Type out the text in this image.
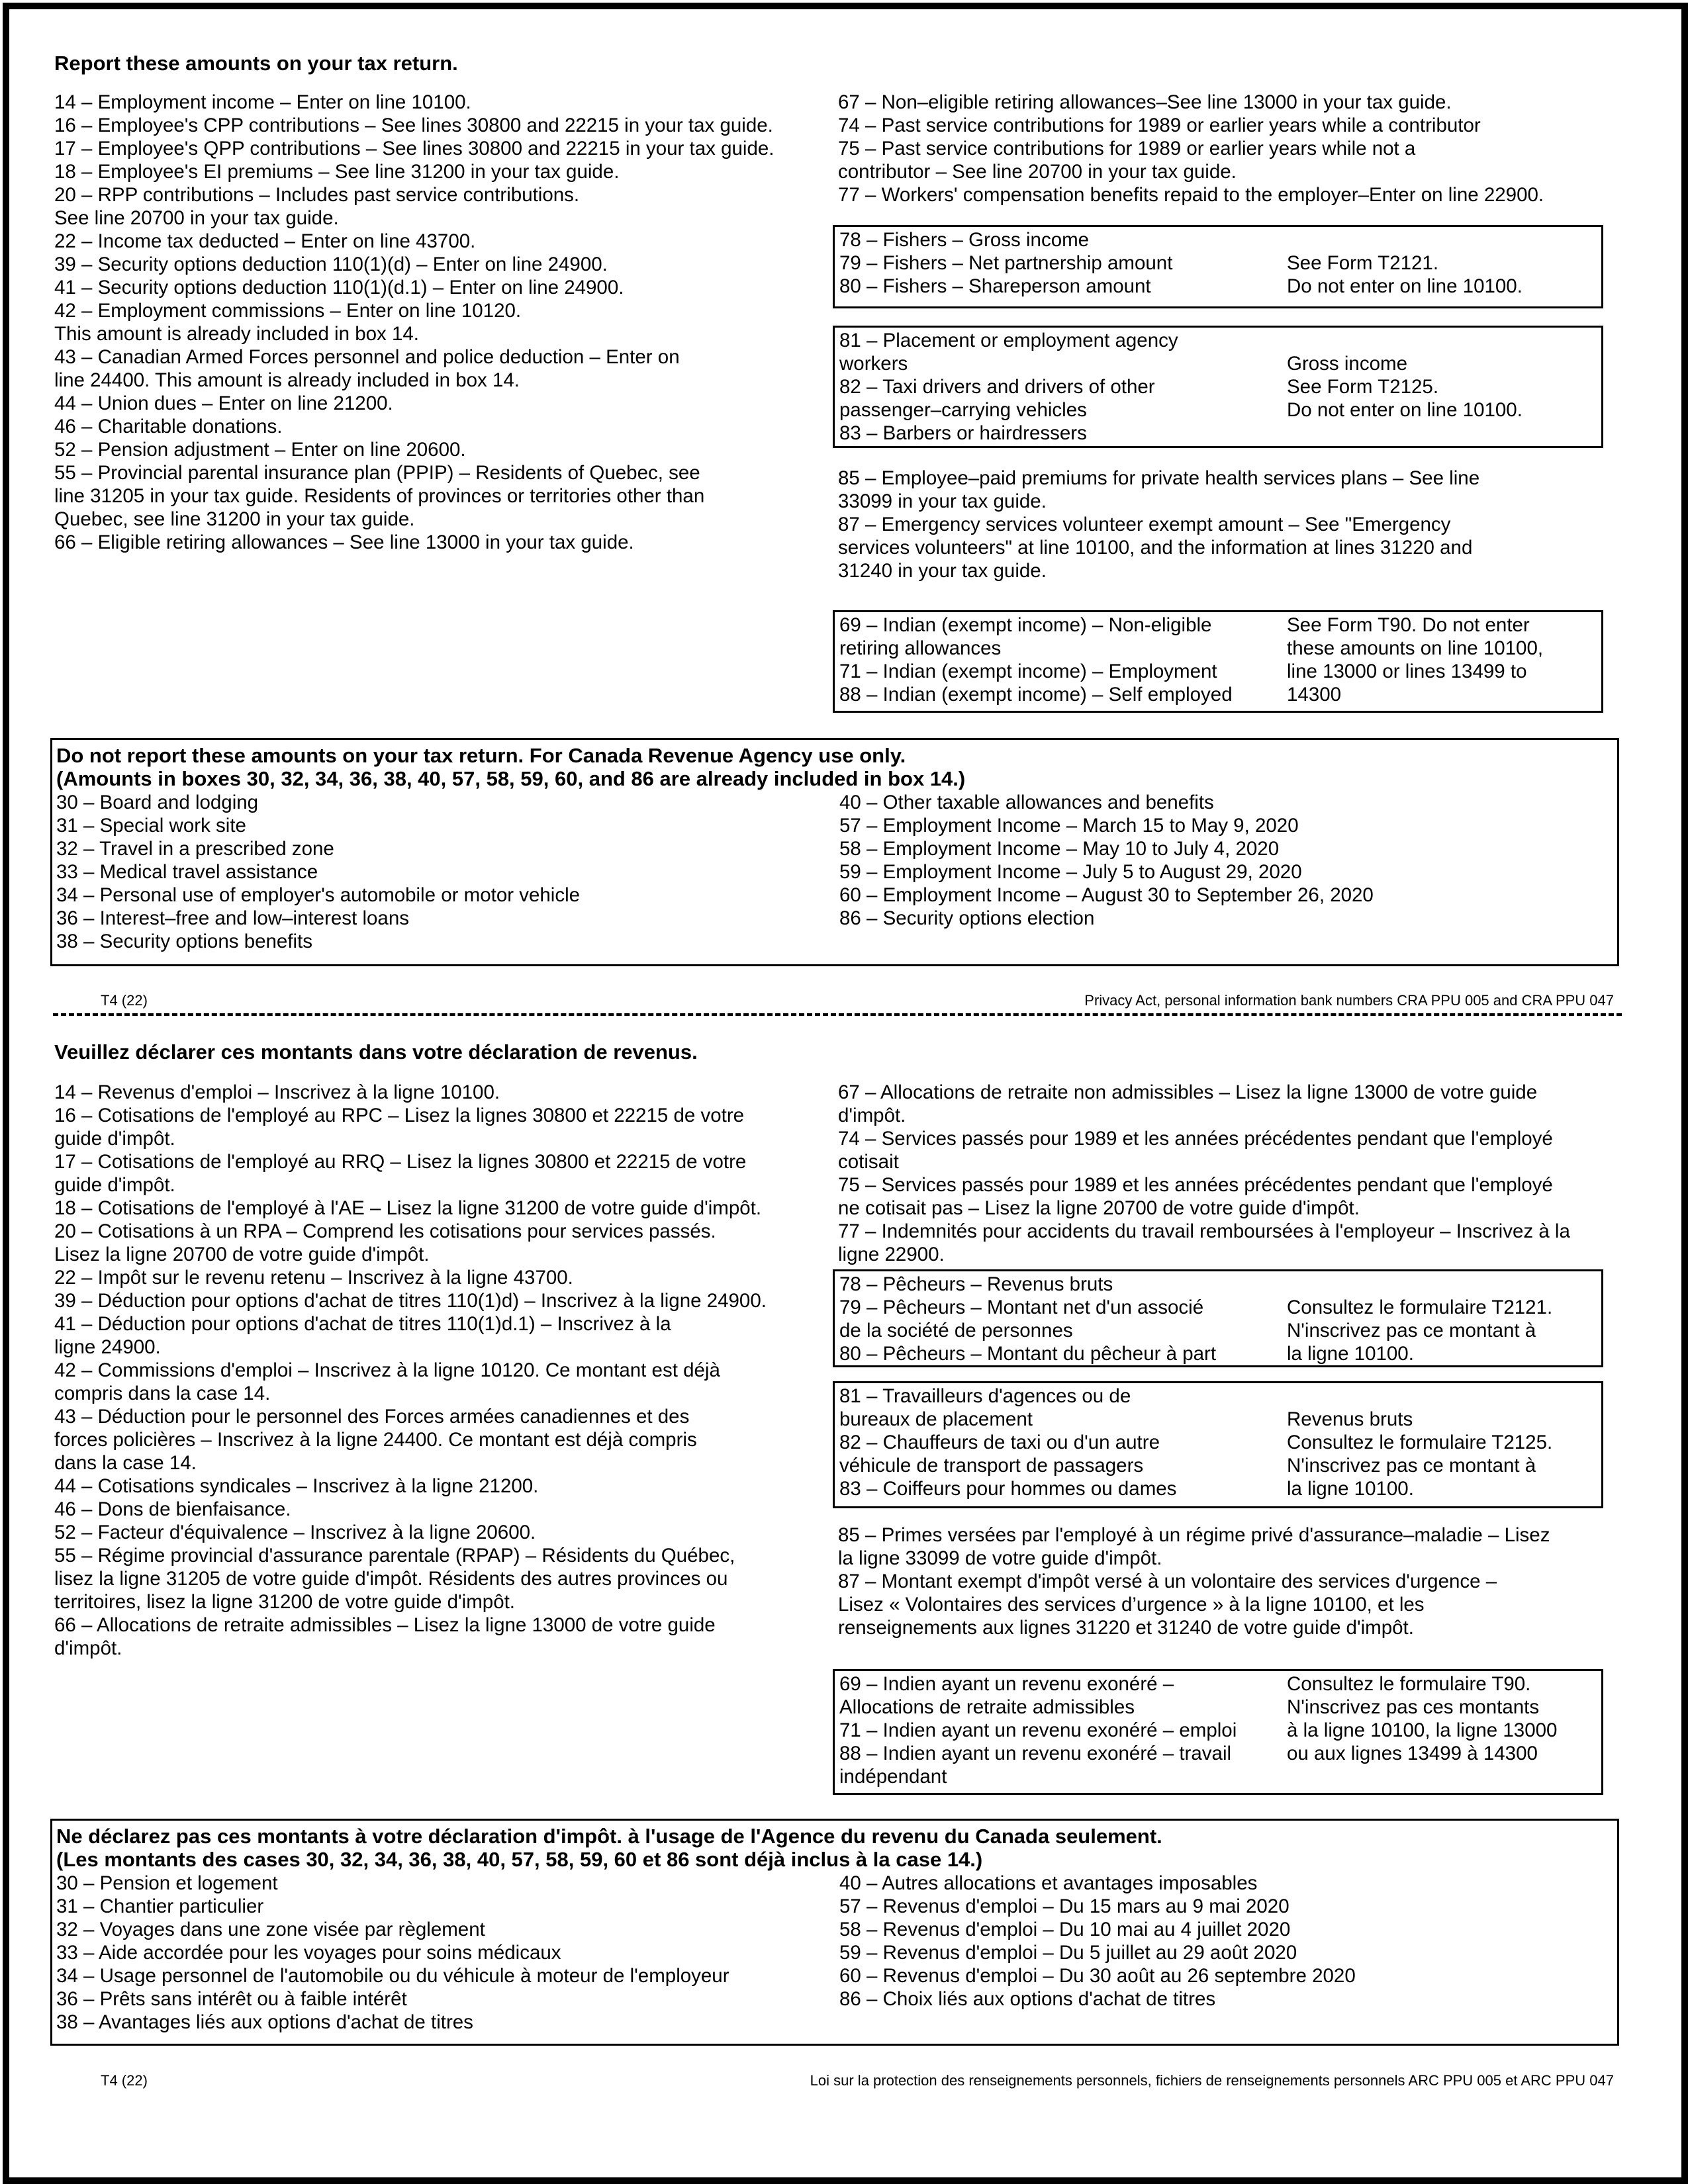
Report these amounts on your tax return.
14 – Employment income – Enter on line 10100.
16 – Employee's CPP contributions – See lines 30800 and 22215 in your tax guide.
17 – Employee's QPP contributions – See lines 30800 and 22215 in your tax guide.
18 – Employee's EI premiums – See line 31200 in your tax guide.
20 – RPP contributions – Includes past service contributions.
See line 20700 in your tax guide.
22 – Income tax deducted – Enter on line 43700.
39 – Security options deduction 110(1)(d) – Enter on line 24900.
41 – Security options deduction 110(1)(d.1) – Enter on line 24900.
42 – Employment commissions – Enter on line 10120.
This amount is already included in box 14.
43 – Canadian Armed Forces personnel and police deduction – Enter on
line 24400. This amount is already included in box 14.
44 – Union dues – Enter on line 21200.
46 – Charitable donations.
52 – Pension adjustment – Enter on line 20600.
55 – Provincial parental insurance plan (PPIP) – Residents of Quebec, see
line 31205 in your tax guide. Residents of provinces or territories other than
Quebec, see line 31200 in your tax guide.
66 – Eligible retiring allowances – See line 13000 in your tax guide.
67 – Non–eligible retiring allowances–See line 13000 in your tax guide.
74 – Past service contributions for 1989 or earlier years while a contributor
75 – Past service contributions for 1989 or earlier years while not a
contributor – See line 20700 in your tax guide.
77 – Workers' compensation benefits repaid to the employer–Enter on line 22900.
78 – Fishers – Gross income
79 – Fishers – Net partnership amount
80 – Fishers – Shareperson amount
See Form T2121.
Do not enter on line 10100.
81 – Placement or employment agency
workers
82 – Taxi drivers and drivers of other
passenger–carrying vehicles
83 – Barbers or hairdressers
Gross income
See Form T2125.
Do not enter on line 10100.
85 – Employee–paid premiums for private health services plans – See line
33099 in your tax guide.
87 – Emergency services volunteer exempt amount – See "Emergency
services volunteers" at line 10100, and the information at lines 31220 and
31240 in your tax guide.
69 – Indian (exempt income) – Non-eligible
retiring allowances
71 – Indian (exempt income) – Employment
88 – Indian (exempt income) – Self employed
See Form T90. Do not enter
these amounts on line 10100,
line 13000 or lines 13499 to
14300
Do not report these amounts on your tax return. For Canada Revenue Agency use only.
(Amounts in boxes 30, 32, 34, 36, 38, 40, 57, 58, 59, 60, and 86 are already included in box 14.)
30 – Board and lodging
31 – Special work site
32 – Travel in a prescribed zone
33 – Medical travel assistance
34 – Personal use of employer's automobile or motor vehicle
36 – Interest–free and low–interest loans
38 – Security options benefits
40 – Other taxable allowances and benefits
57 – Employment Income – March 15 to May 9, 2020
58 – Employment Income – May 10 to July 4, 2020
59 – Employment Income – July 5 to August 29, 2020
60 – Employment Income – August 30 to September 26, 2020
86 – Security options election
T4 (22)	Privacy Act, personal information bank numbers CRA PPU 005 and CRA PPU 047
Veuillez déclarer ces montants dans votre déclaration de revenus.
14 – Revenus d'emploi – Inscrivez à la ligne 10100.
16 – Cotisations de l'employé au RPC – Lisez la lignes 30800 et 22215 de votre
guide d'impôt.
17 – Cotisations de l'employé au RRQ – Lisez la lignes 30800 et 22215 de votre
guide d'impôt.
18 – Cotisations de l'employé à l'AE – Lisez la ligne 31200 de votre guide d'impôt.
20 – Cotisations à un RPA – Comprend les cotisations pour services passés.
Lisez la ligne 20700 de votre guide d'impôt.
22 – Impôt sur le revenu retenu – Inscrivez à la ligne 43700.
39 – Déduction pour options d'achat de titres 110(1)d) – Inscrivez à la ligne 24900.
41 – Déduction pour options d'achat de titres 110(1)d.1) – Inscrivez à la
ligne 24900.
42 – Commissions d'emploi – Inscrivez à la ligne 10120. Ce montant est déjà
compris dans la case 14.
43 – Déduction pour le personnel des Forces armées canadiennes et des
forces policières – Inscrivez à la ligne 24400. Ce montant est déjà compris
dans la case 14.
44 – Cotisations syndicales – Inscrivez à la ligne 21200.
46 – Dons de bienfaisance.
52 – Facteur d'équivalence – Inscrivez à la ligne 20600.
55 – Régime provincial d'assurance parentale (RPAP) – Résidents du Québec,
lisez la ligne 31205 de votre guide d'impôt. Résidents des autres provinces ou
territoires, lisez la ligne 31200 de votre guide d'impôt.
66 – Allocations de retraite admissibles – Lisez la ligne 13000 de votre guide
d'impôt.
67 – Allocations de retraite non admissibles – Lisez la ligne 13000 de votre guide
d'impôt.
74 – Services passés pour 1989 et les années précédentes pendant que l'employé
cotisait
75 – Services passés pour 1989 et les années précédentes pendant que l'employé
ne cotisait pas – Lisez la ligne 20700 de votre guide d'impôt.
77 – Indemnités pour accidents du travail remboursées à l'employeur – Inscrivez à la
ligne 22900.
78 – Pêcheurs – Revenus bruts
79 – Pêcheurs – Montant net d'un associé
de la société de personnes
80 – Pêcheurs – Montant du pêcheur à part
Consultez le formulaire T2121.
N'inscrivez pas ce montant à
la ligne 10100.
81 – Travailleurs d'agences ou de
bureaux de placement
82 – Chauffeurs de taxi ou d'un autre
véhicule de transport de passagers
83 – Coiffeurs pour hommes ou dames
Revenus bruts
Consultez le formulaire T2125.
N'inscrivez pas ce montant à
la ligne 10100.
85 – Primes versées par l'employé à un régime privé d'assurance–maladie – Lisez
la ligne 33099 de votre guide d'impôt.
87 – Montant exempt d'impôt versé à un volontaire des services d'urgence –
Lisez « Volontaires des services d’urgence » à la ligne 10100, et les
renseignements aux lignes 31220 et 31240 de votre guide d'impôt.
69 – Indien ayant un revenu exonéré –
Allocations de retraite admissibles
71 – Indien ayant un revenu exonéré – emploi
88 – Indien ayant un revenu exonéré – travail
indépendant
Consultez le formulaire T90.
N'inscrivez pas ces montants
à la ligne 10100, la ligne 13000
ou aux lignes 13499 à 14300
Ne déclarez pas ces montants à votre déclaration d'impôt. à l'usage de l'Agence du revenu du Canada seulement.
(Les montants des cases 30, 32, 34, 36, 38, 40, 57, 58, 59, 60 et 86 sont déjà inclus à la case 14.)
30 – Pension et logement
31 – Chantier particulier
32 – Voyages dans une zone visée par règlement
33 – Aide accordée pour les voyages pour soins médicaux
34 – Usage personnel de l'automobile ou du véhicule à moteur de l'employeur
36 – Prêts sans intérêt ou à faible intérêt
38 – Avantages liés aux options d'achat de titres
40 – Autres allocations et avantages imposables
57 – Revenus d'emploi – Du 15 mars au 9 mai 2020
58 – Revenus d'emploi – Du 10 mai au 4 juillet 2020
59 – Revenus d'emploi – Du 5 juillet au 29 août 2020
60 – Revenus d'emploi – Du 30 août au 26 septembre 2020
86 – Choix liés aux options d'achat de titres
T4 (22)	Loi sur la protection des renseignements personnels, fichiers de renseignements personnels ARC PPU 005 et ARC PPU 047
